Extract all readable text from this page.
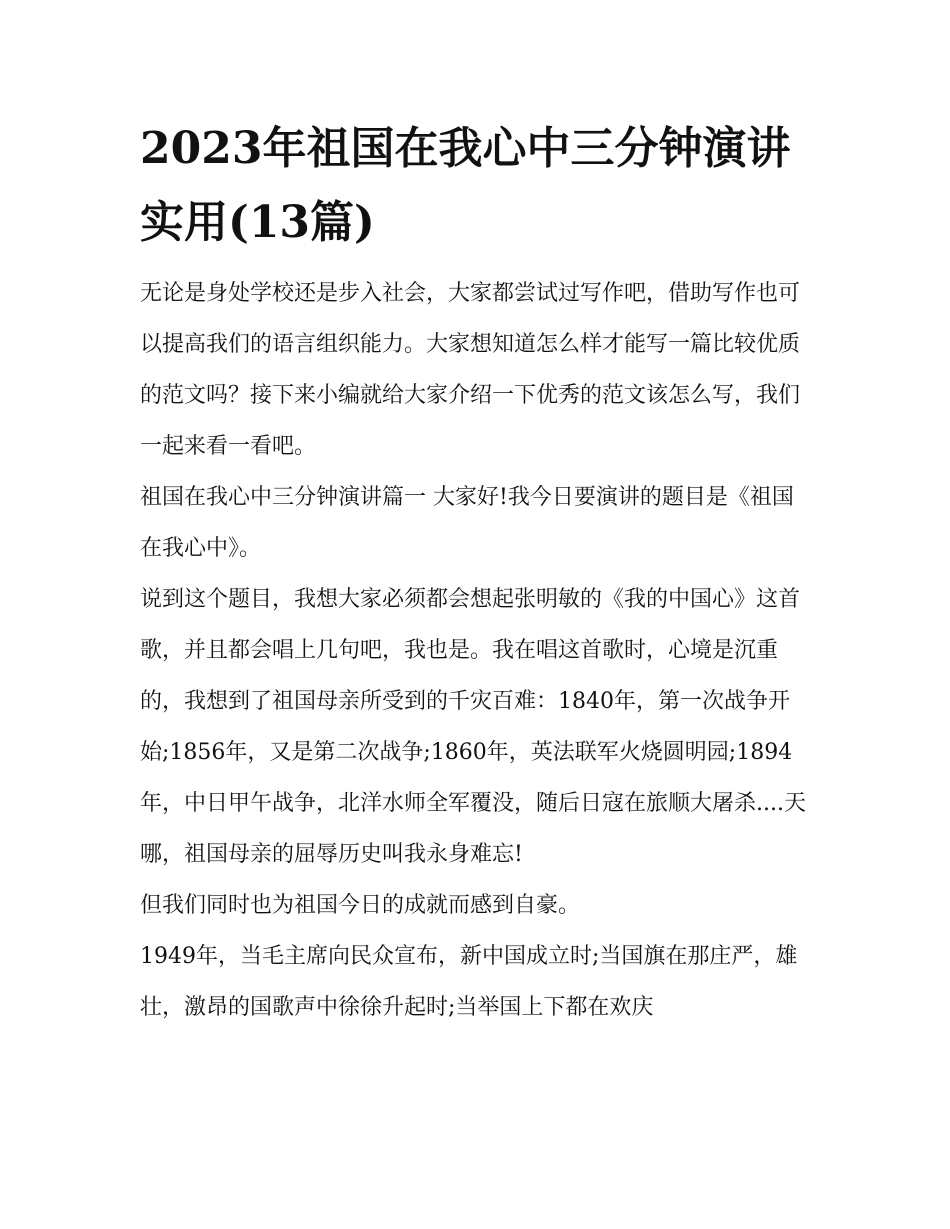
2023年祖国在我心中三分钟演讲实用(13篇)

无论是身处学校还是步入社会，大家都尝试过写作吧，借助写作也可以提高我们的语言组织能力。大家想知道怎么样才能写一篇比较优质的范文吗？接下来小编就给大家介绍一下优秀的范文该怎么写，我们一起来看一看吧。

祖国在我心中三分钟演讲篇一 大家好!我今日要演讲的题目是《祖国在我心中》。

说到这个题目，我想大家必须都会想起张明敏的《我的中国心》这首歌，并且都会唱上几句吧，我也是。我在唱这首歌时，心境是沉重的，我想到了祖国母亲所受到的千灾百难：1840年，第一次战争开始;1856年，又是第二次战争;1860年，英法联军火烧圆明园;1894年，中日甲午战争，北洋水师全军覆没，随后日寇在旅顺大屠杀....天哪，祖国母亲的屈辱历史叫我永身难忘!

但我们同时也为祖国今日的成就而感到自豪。

1949年，当毛主席向民众宣布，新中国成立时;当国旗在那庄严，雄壮，激昂的国歌声中徐徐升起时;当举国上下都在欢庆
